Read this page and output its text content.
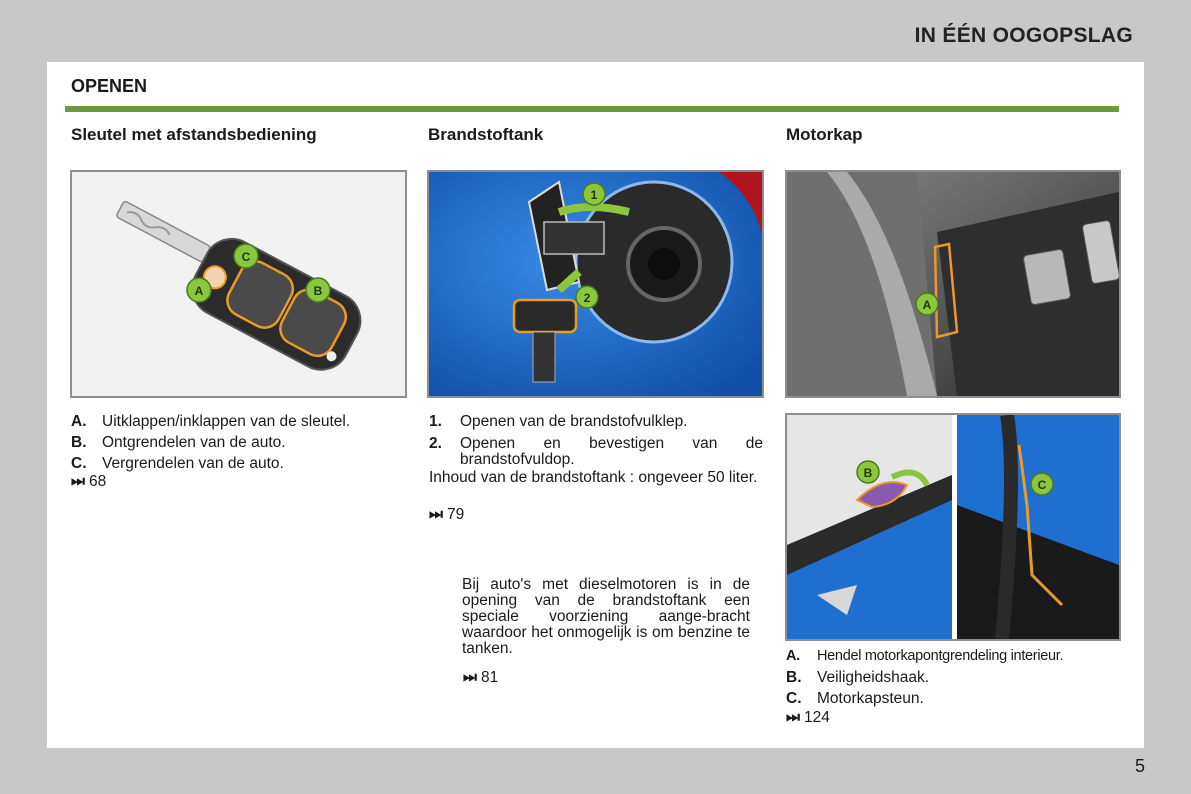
IN ÉÉN OOGOPSLAG
OPENEN
Sleutel met afstandsbediening
A
C
B
A. Uitklappen/inklappen van de sleutel.
B. Ontgrendelen van de auto.
C. Vergrendelen van de auto.
⏭ 68
Brandstoftank
1
2
1. Openen van de brandstofvulklep.
2. Openen en bevestigen van de brandstofvuldop.
Inhoud van de brandstoftank : ongeveer 50 liter.
⏭ 79
Bij auto's met dieselmotoren is in de opening van de brandstoftank een speciale voorziening aange-bracht waardoor het onmogelijk is om benzine te tanken.
⏭ 81
Motorkap
A
B
C
A. Hendel motorkapontgrendeling interieur.
B. Veiligheidshaak.
C. Motorkapsteun.
⏭ 124
5
